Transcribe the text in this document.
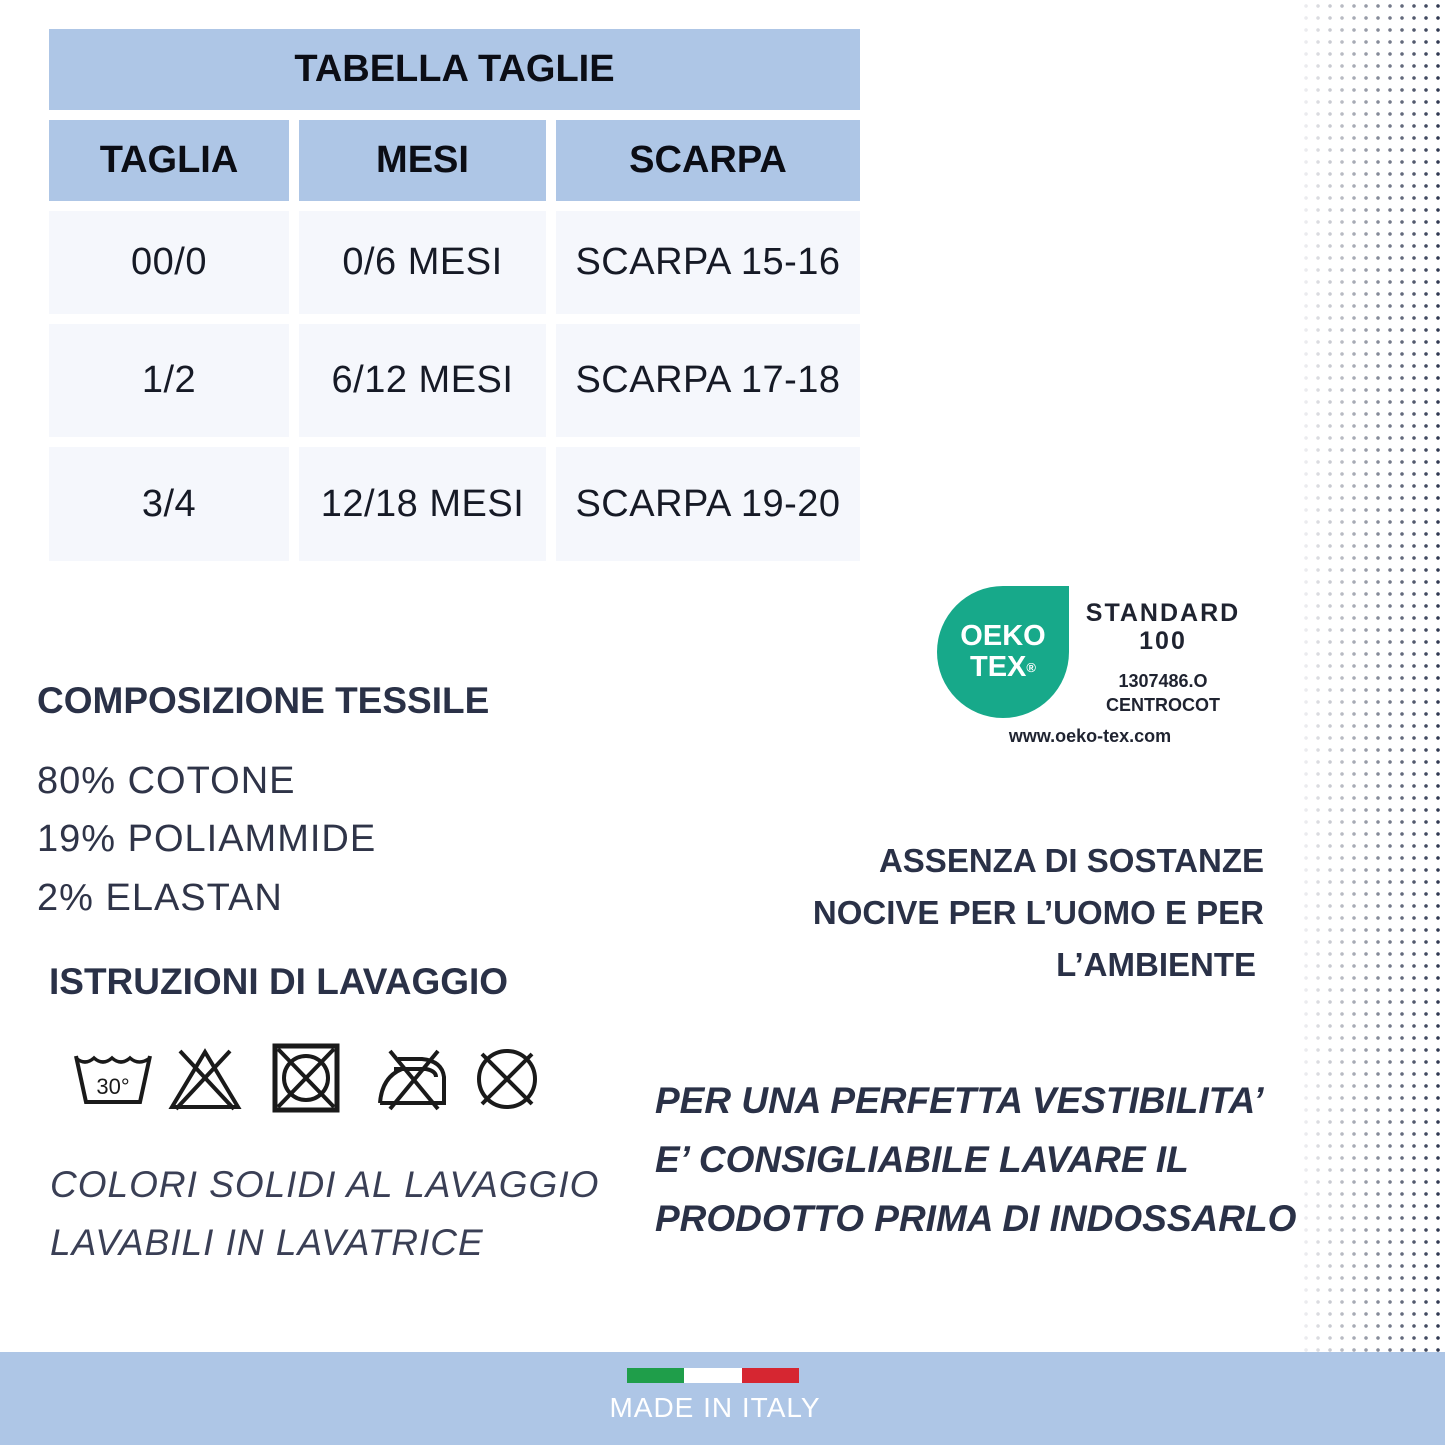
TABELLA TAGLIE
TAGLIA	MESI	SCARPA
00/0	0/6 MESI	SCARPA 15-16
1/2	6/12 MESI	SCARPA 17-18
3/4	12/18 MESI	SCARPA 19-20
COMPOSIZIONE TESSILE
80% COTONE
19% POLIAMMIDE
2% ELASTAN
ISTRUZIONI DI LAVAGGIO
30°
COLORI SOLIDI AL LAVAGGIO
LAVABILI IN LAVATRICE
OEKO
TEX®
STANDARD
100
1307486.O
CENTROCOT
www.oeko-tex.com
ASSENZA DI SOSTANZE
NOCIVE PER L’UOMO E PER
L’AMBIENTE
PER UNA PERFETTA VESTIBILITA’
E’ CONSIGLIABILE LAVARE IL
PRODOTTO PRIMA DI INDOSSARLO
MADE IN ITALY
